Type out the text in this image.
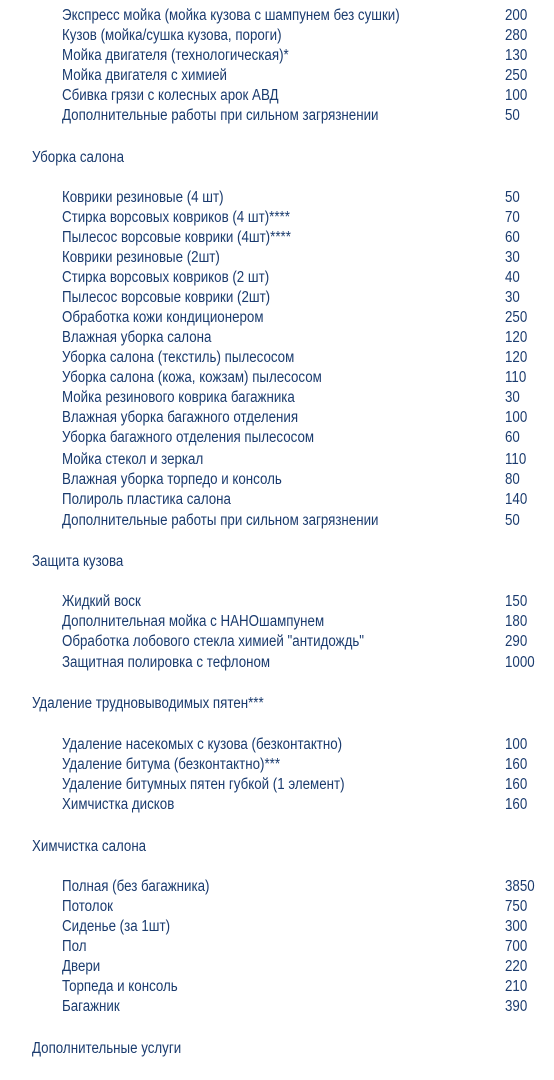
Экспресс мойка (мойка кузова с шампунем без сушки)	200
Кузов (мойка/сушка кузова, пороги)	280
Мойка двигателя (технологическая)*	130
Мойка двигателя с химией	250
Сбивка грязи с колесных арок АВД	100
Дополнительные работы при сильном загрязнении	50
Уборка салона
Коврики резиновые (4 шт)	50
Стирка ворсовых ковриков (4 шт)****	70
Пылесос ворсовые коврики (4шт)****	60
Коврики резиновые (2шт)	30
Стирка ворсовых ковриков (2 шт)	40
Пылесос ворсовые коврики (2шт)	30
Обработка кожи кондиционером	250
Влажная уборка салона	120
Уборка салона (текстиль) пылесосом	120
Уборка салона (кожа, кожзам) пылесосом	110
Мойка резинового коврика багажника	30
Влажная уборка багажного отделения	100
Уборка багажного отделения пылесосом	60
Мойка стекол и зеркал	110
Влажная уборка торпедо и консоль	80
Полироль пластика салона	140
Дополнительные работы при сильном загрязнении	50
Защита кузова
Жидкий воск	150
Дополнительная мойка с НАНОшампунем	180
Обработка лобового стекла химией "антидождь"	290
Защитная полировка с тефлоном	1000
Удаление трудновыводимых пятен***
Удаление насекомых с кузова (безконтактно)	100
Удаление битума (безконтактно)***	160
Удаление битумных пятен губкой (1 элемент)	160
Химчистка дисков	160
Химчистка салона
Полная (без багажника)	3850
Потолок	750
Сиденье (за 1шт)	300
Пол	700
Двери	220
Торпеда и консоль	210
Багажник	390
Дополнительные услуги
